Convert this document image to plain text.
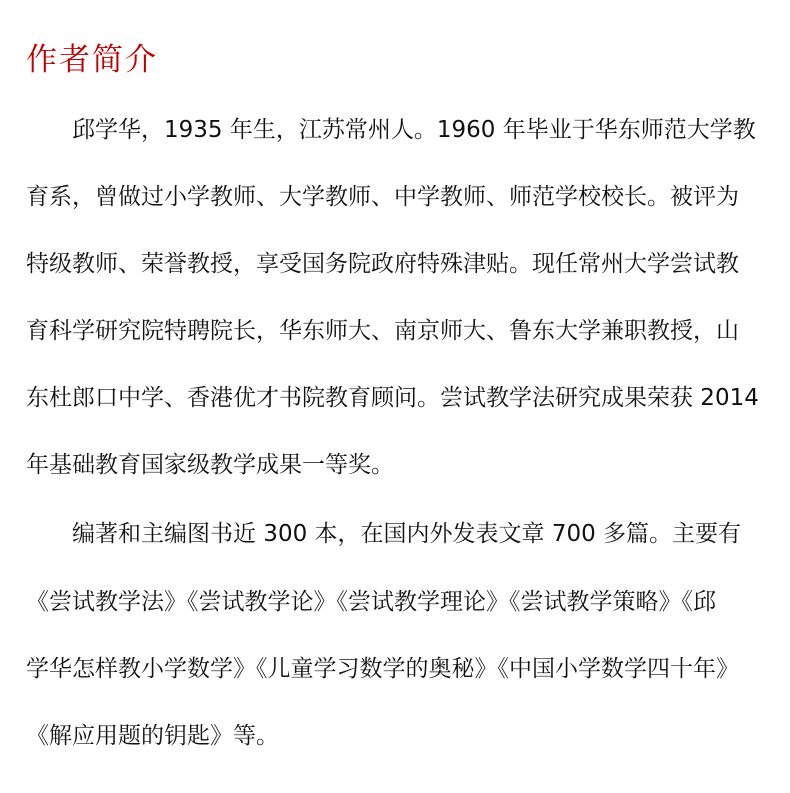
作者简介
邱学华，1935 年生，江苏常州人。1960 年毕业于华东师范大学教
育系，曾做过小学教师、大学教师、中学教师、师范学校校长。被评为
特级教师、荣誉教授，享受国务院政府特殊津贴。现任常州大学尝试教
育科学研究院特聘院长，华东师大、南京师大、鲁东大学兼职教授，山
东杜郎口中学、香港优才书院教育顾问。尝试教学法研究成果荣获 2014
年基础教育国家级教学成果一等奖。
编著和主编图书近 300 本，在国内外发表文章 700 多篇。主要有
《尝试教学法》《尝试教学论》《尝试教学理论》《尝试教学策略》《邱
学华怎样教小学数学》《儿童学习数学的奥秘》《中国小学数学四十年》
《解应用题的钥匙》等。
